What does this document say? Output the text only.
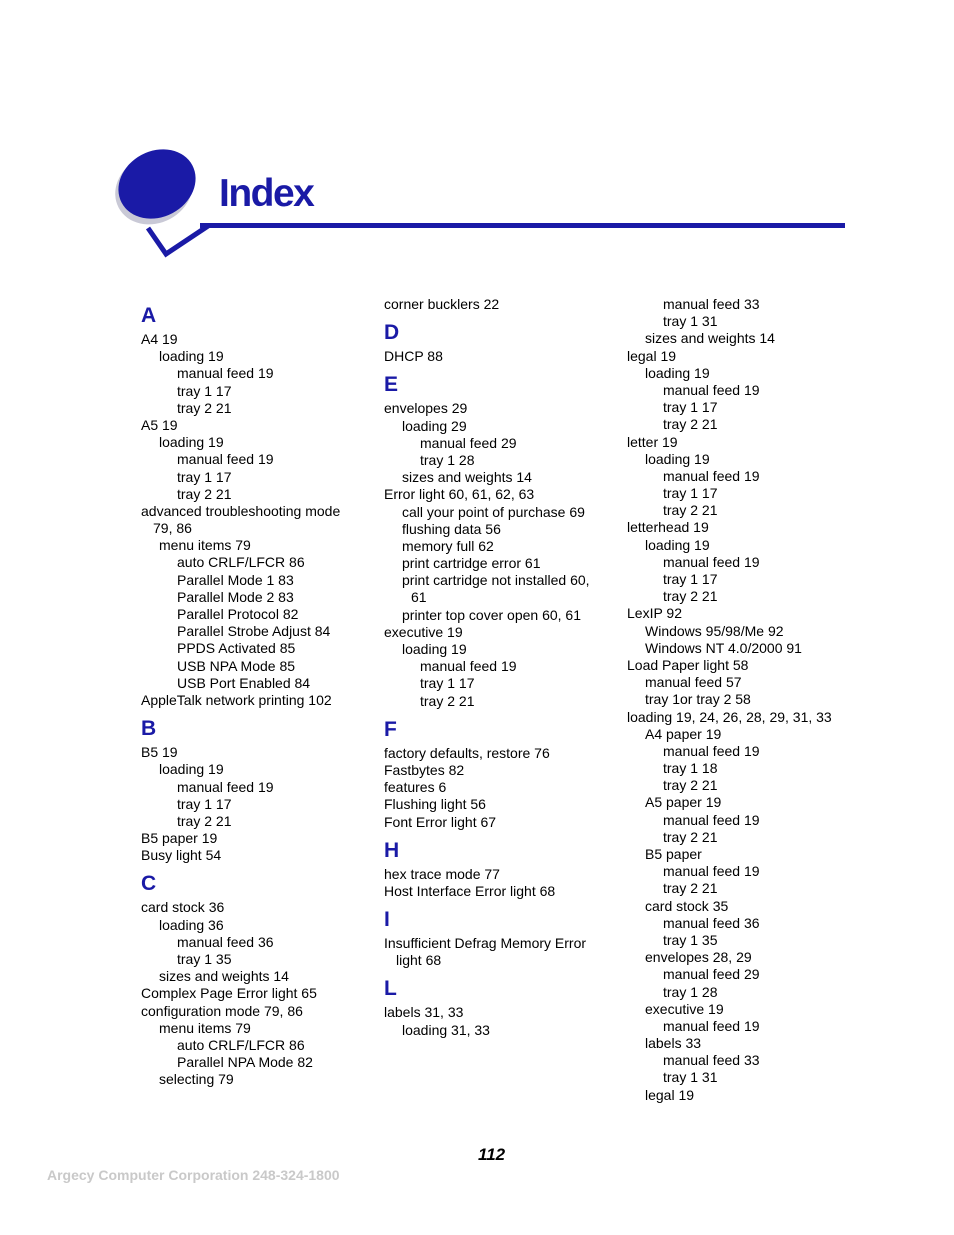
Index
A
A4 19
loading 19
manual feed 19
tray 1 17
tray 2 21
A5 19
loading 19
manual feed 19
tray 1 17
tray 2 21
advanced troubleshooting mode
79, 86
menu items 79
auto CRLF/LFCR 86
Parallel Mode 1 83
Parallel Mode 2 83
Parallel Protocol 82
Parallel Strobe Adjust 84
PPDS Activated 85
USB NPA Mode 85
USB Port Enabled 84
AppleTalk network printing 102
B
B5 19
loading 19
manual feed 19
tray 1 17
tray 2 21
B5 paper 19
Busy light 54
C
card stock 36
loading 36
manual feed 36
tray 1 35
sizes and weights 14
Complex Page Error light 65
configuration mode 79, 86
menu items 79
auto CRLF/LFCR 86
Parallel NPA Mode 82
selecting 79
corner bucklers 22
D
DHCP 88
E
envelopes 29
loading 29
manual feed 29
tray 1 28
sizes and weights 14
Error light 60, 61, 62, 63
call your point of purchase 69
flushing data 56
memory full 62
print cartridge error 61
print cartridge not installed 60,
61
printer top cover open 60, 61
executive 19
loading 19
manual feed 19
tray 1 17
tray 2 21
F
factory defaults, restore 76
Fastbytes 82
features 6
Flushing light 56
Font Error light 67
H
hex trace mode 77
Host Interface Error light 68
I
Insufficient Defrag Memory Error
light 68
L
labels 31, 33
loading 31, 33
manual feed 33
tray 1 31
sizes and weights 14
legal 19
loading 19
manual feed 19
tray 1 17
tray 2 21
letter 19
loading 19
manual feed 19
tray 1 17
tray 2 21
letterhead 19
loading 19
manual feed 19
tray 1 17
tray 2 21
LexIP 92
Windows 95/98/Me 92
Windows NT 4.0/2000 91
Load Paper light 58
manual feed 57
tray 1or tray 2 58
loading 19, 24, 26, 28, 29, 31, 33
A4 paper 19
manual feed 19
tray 1 18
tray 2 21
A5 paper 19
manual feed 19
tray 2 21
B5 paper
manual feed 19
tray 2 21
card stock 35
manual feed 36
tray 1 35
envelopes 28, 29
manual feed 29
tray 1 28
executive 19
manual feed 19
labels 33
manual feed 33
tray 1 31
legal 19
112
Argecy Computer Corporation 248-324-1800
